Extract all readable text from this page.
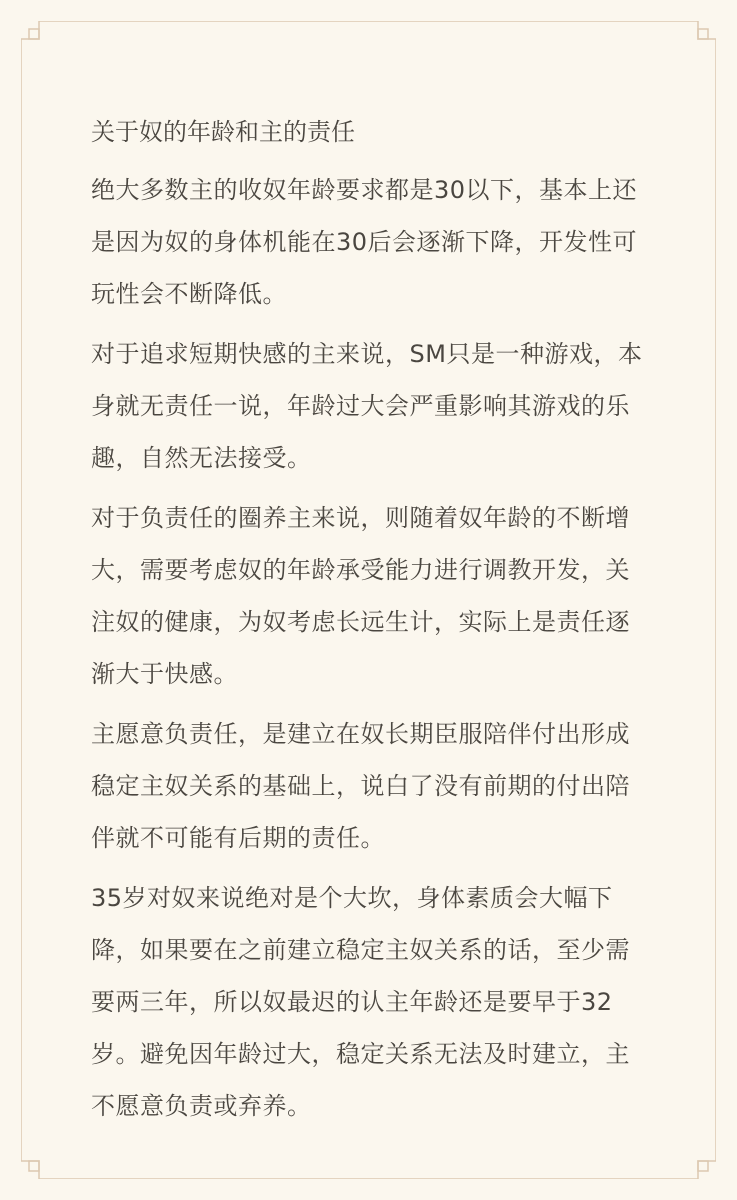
关于奴的年龄和主的责任

绝大多数主的收奴年龄要求都是30以下，基本上还是因为奴的身体机能在30后会逐渐下降，开发性可玩性会不断降低。

对于追求短期快感的主来说，SM只是一种游戏，本身就无责任一说，年龄过大会严重影响其游戏的乐趣，自然无法接受。

对于负责任的圈养主来说，则随着奴年龄的不断增大，需要考虑奴的年龄承受能力进行调教开发，关注奴的健康，为奴考虑长远生计，实际上是责任逐渐大于快感。

主愿意负责任，是建立在奴长期臣服陪伴付出形成稳定主奴关系的基础上，说白了没有前期的付出陪伴就不可能有后期的责任。

35岁对奴来说绝对是个大坎，身体素质会大幅下降，如果要在之前建立稳定主奴关系的话，至少需要两三年，所以奴最迟的认主年龄还是要早于32岁。避免因年龄过大，稳定关系无法及时建立，主不愿意负责或弃养。
